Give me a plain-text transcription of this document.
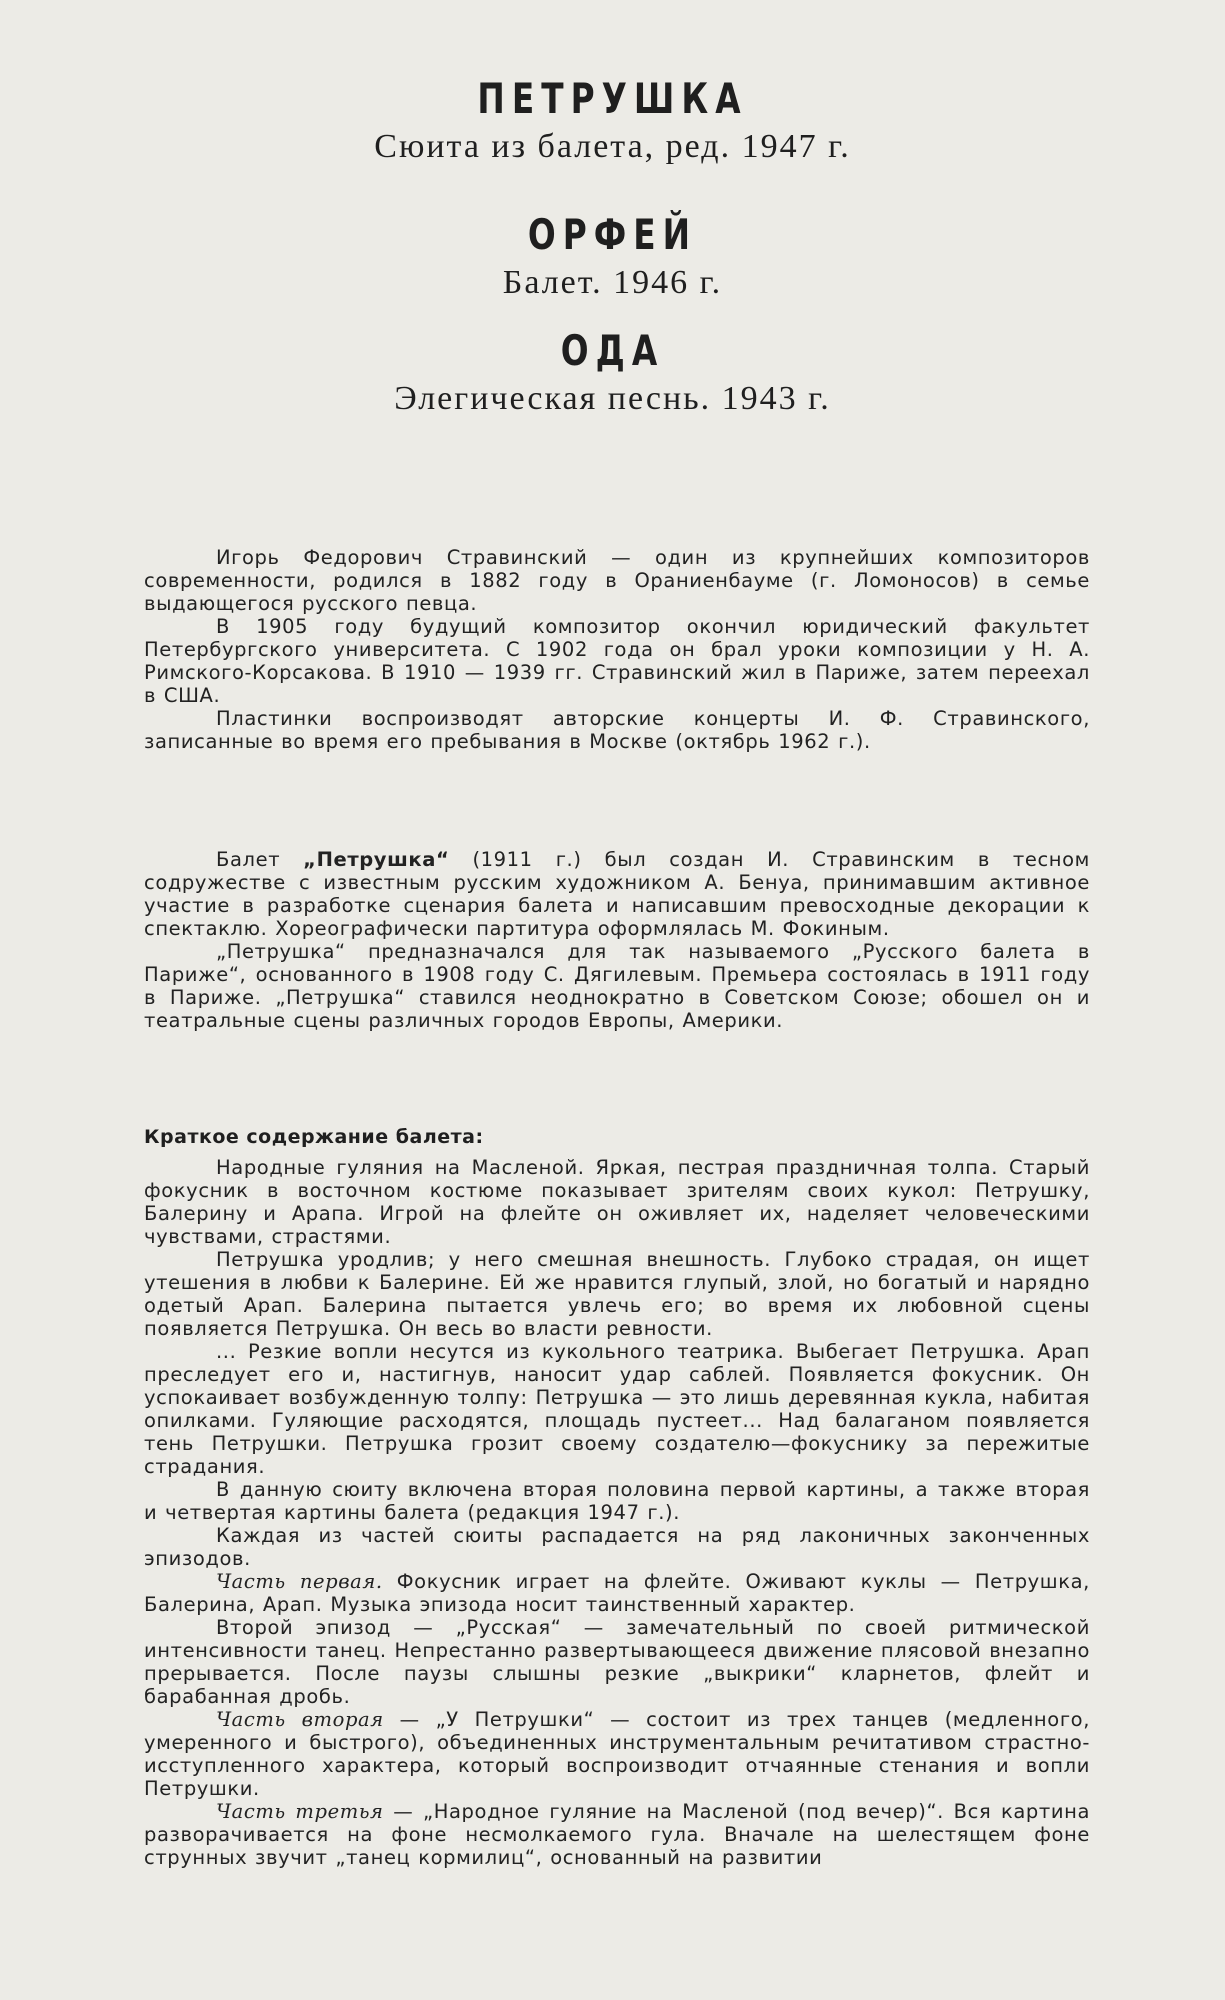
ПЕТРУШКА
Сюита из балета, ред. 1947 г.
ОРФЕЙ
Балет. 1946 г.
ОДА
Элегическая песнь. 1943 г.

Игорь Федорович Стравинский — один из крупнейших композиторов современности, родился в 1882 году в Ораниенбауме (г. Ломоносов) в семье выдающегося русского певца.

В 1905 году будущий композитор окончил юридический факультет Петербургского университета. С 1902 года он брал уроки композиции у Н. А. Римского-Корсакова. В 1910 — 1939 гг. Стравинский жил в Париже, затем переехал в США.

Пластинки воспроизводят авторские концерты И. Ф. Стравинского, записанные во время его пребывания в Москве (октябрь 1962 г.).

Балет „Петрушка“ (1911 г.) был создан И. Стравинским в тесном содружестве с известным русским художником А. Бенуа, принимавшим активное участие в разработке сценария балета и написавшим превосходные декорации к спектаклю. Хореографически партитура оформлялась М. Фокиным.

„Петрушка“ предназначался для так называемого „Русского балета в Париже“, основанного в 1908 году С. Дягилевым. Премьера состоялась в 1911 году в Париже. „Петрушка“ ставился неоднократно в Советском Союзе; обошел он и театральные сцены различных городов Европы, Америки.

Краткое содержание балета:

Народные гуляния на Масленой. Яркая, пестрая праздничная толпа. Старый фокусник в восточном костюме показывает зрителям своих кукол: Петрушку, Балерину и Арапа. Игрой на флейте он оживляет их, наделяет человеческими чувствами, страстями.

Петрушка уродлив; у него смешная внешность. Глубоко страдая, он ищет утешения в любви к Балерине. Ей же нравится глупый, злой, но богатый и нарядно одетый Арап. Балерина пытается увлечь его; во время их любовной сцены появляется Петрушка. Он весь во власти ревности.

... Резкие вопли несутся из кукольного театрика. Выбегает Петрушка. Арап преследует его и, настигнув, наносит удар саблей. Появляется фокусник. Он успокаивает возбужденную толпу: Петрушка — это лишь деревянная кукла, набитая опилками. Гуляющие расходятся, площадь пустеет... Над балаганом появляется тень Петрушки. Петрушка грозит своему создателю—фокуснику за пережитые страдания.

В данную сюиту включена вторая половина первой картины, а также вторая и четвертая картины балета (редакция 1947 г.).

Каждая из частей сюиты распадается на ряд лаконичных законченных эпизодов.

Часть первая. Фокусник играет на флейте. Оживают куклы — Петрушка, Балерина, Арап. Музыка эпизода носит таинственный характер.

Второй эпизод — „Русская“ — замечательный по своей ритмической интенсивности танец. Непрестанно развертывающееся движение плясовой внезапно прерывается. После паузы слышны резкие „выкрики“ кларнетов, флейт и барабанная дробь.

Часть вторая — „У Петрушки“ — состоит из трех танцев (медленного, умеренного и быстрого), объединенных инструментальным речитативом страстно-исступленного характера, который воспроизводит отчаянные стенания и вопли Петрушки.

Часть третья — „Народное гуляние на Масленой (под вечер)“. Вся картина разворачивается на фоне несмолкаемого гула. Вначале на шелестящем фоне струнных звучит „танец кормилиц“, основанный на развитии
